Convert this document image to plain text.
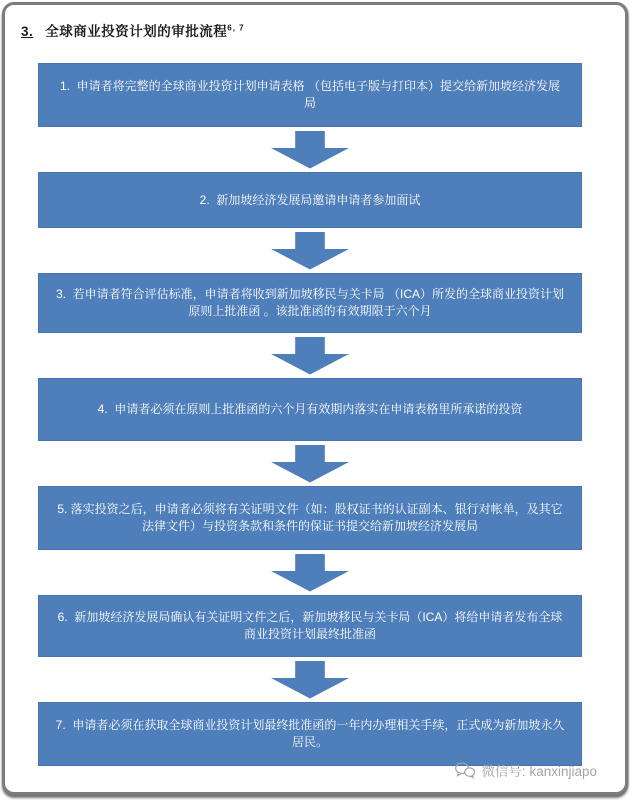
3. 全球商业投资计划的审批流程$^{6, 7}$
1.  申请者将完整的全球商业投资计划申请表格 （包括电子版与打印本）提交给新加坡经济发展局
2.  新加坡经济发展局邀请申请者参加面试
3.  若申请者符合评估标准，申请者将收到新加坡移民与关卡局 （ICA）所发的全球商业投资计划原则上批准函 。该批准函的有效期限于六个月
4.  申请者必须在原则上批准函的六个月有效期内落实在申请表格里所承诺的投资
5. 落实投资之后，申请者必须将有关证明文件（如：股权证书的认证副本、银行对帐单，及其它法律文件）与投资条款和条件的保证书提交给新加坡经济发展局
6.  新加坡经济发展局确认有关证明文件之后，新加坡移民与关卡局（ICA）将给申请者发布全球商业投资计划最终批准函
7.  申请者必须在获取全球商业投资计划最终批准函的一年内办理相关手续，正式成为新加坡永久居民。
微信号: kanxinjiapo
